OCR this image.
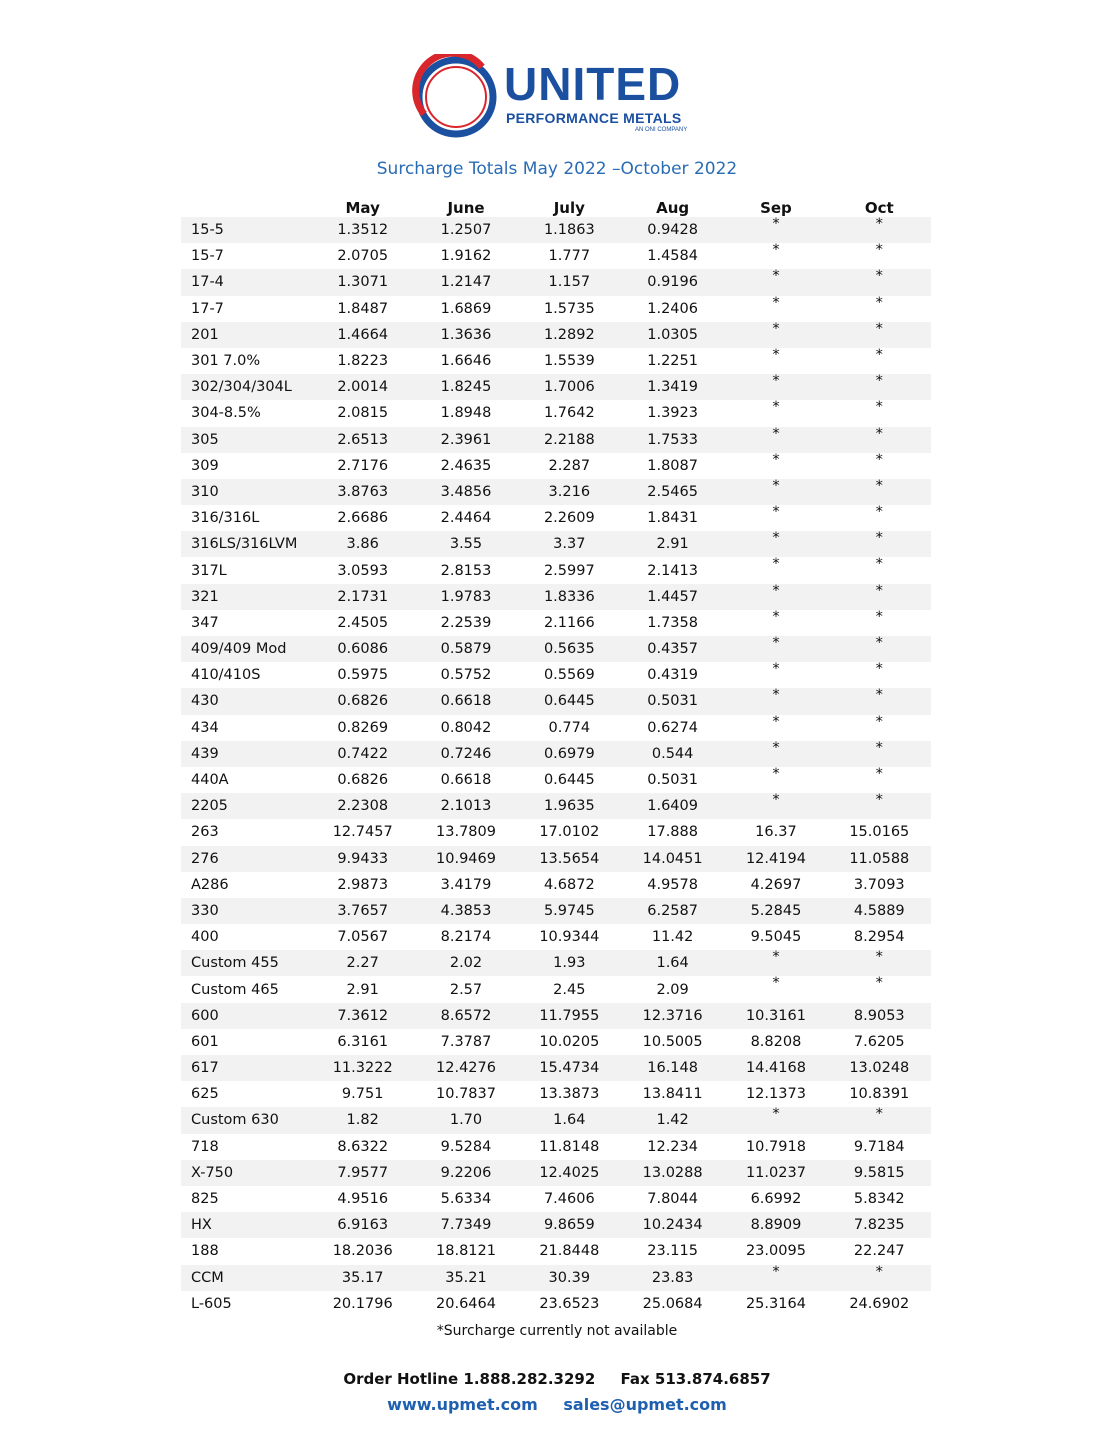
UNITED
PERFORMANCE METALS
AN ONI COMPANY
Surcharge Totals May 2022 –October 2022
	May	June	July	Aug	Sep	Oct
15-5	1.3512	1.2507	1.1863	0.9428	*	*
15-7	2.0705	1.9162	1.777	1.4584	*	*
17-4	1.3071	1.2147	1.157	0.9196	*	*
17-7	1.8487	1.6869	1.5735	1.2406	*	*
201	1.4664	1.3636	1.2892	1.0305	*	*
301 7.0%	1.8223	1.6646	1.5539	1.2251	*	*
302/304/304L	2.0014	1.8245	1.7006	1.3419	*	*
304-8.5%	2.0815	1.8948	1.7642	1.3923	*	*
305	2.6513	2.3961	2.2188	1.7533	*	*
309	2.7176	2.4635	2.287	1.8087	*	*
310	3.8763	3.4856	3.216	2.5465	*	*
316/316L	2.6686	2.4464	2.2609	1.8431	*	*
316LS/316LVM	3.86	3.55	3.37	2.91	*	*
317L	3.0593	2.8153	2.5997	2.1413	*	*
321	2.1731	1.9783	1.8336	1.4457	*	*
347	2.4505	2.2539	2.1166	1.7358	*	*
409/409 Mod	0.6086	0.5879	0.5635	0.4357	*	*
410/410S	0.5975	0.5752	0.5569	0.4319	*	*
430	0.6826	0.6618	0.6445	0.5031	*	*
434	0.8269	0.8042	0.774	0.6274	*	*
439	0.7422	0.7246	0.6979	0.544	*	*
440A	0.6826	0.6618	0.6445	0.5031	*	*
2205	2.2308	2.1013	1.9635	1.6409	*	*
263	12.7457	13.7809	17.0102	17.888	16.37	15.0165
276	9.9433	10.9469	13.5654	14.0451	12.4194	11.0588
A286	2.9873	3.4179	4.6872	4.9578	4.2697	3.7093
330	3.7657	4.3853	5.9745	6.2587	5.2845	4.5889
400	7.0567	8.2174	10.9344	11.42	9.5045	8.2954
Custom 455	2.27	2.02	1.93	1.64	*	*
Custom 465	2.91	2.57	2.45	2.09	*	*
600	7.3612	8.6572	11.7955	12.3716	10.3161	8.9053
601	6.3161	7.3787	10.0205	10.5005	8.8208	7.6205
617	11.3222	12.4276	15.4734	16.148	14.4168	13.0248
625	9.751	10.7837	13.3873	13.8411	12.1373	10.8391
Custom 630	1.82	1.70	1.64	1.42	*	*
718	8.6322	9.5284	11.8148	12.234	10.7918	9.7184
X-750	7.9577	9.2206	12.4025	13.0288	11.0237	9.5815
825	4.9516	5.6334	7.4606	7.8044	6.6992	5.8342
HX	6.9163	7.7349	9.8659	10.2434	8.8909	7.8235
188	18.2036	18.8121	21.8448	23.115	23.0095	22.247
CCM	35.17	35.21	30.39	23.83	*	*
L-605	20.1796	20.6464	23.6523	25.0684	25.3164	24.6902
*Surcharge currently not available
Order Hotline 1.888.282.3292 Fax 513.874.6857
www.upmet.com sales@upmet.com
